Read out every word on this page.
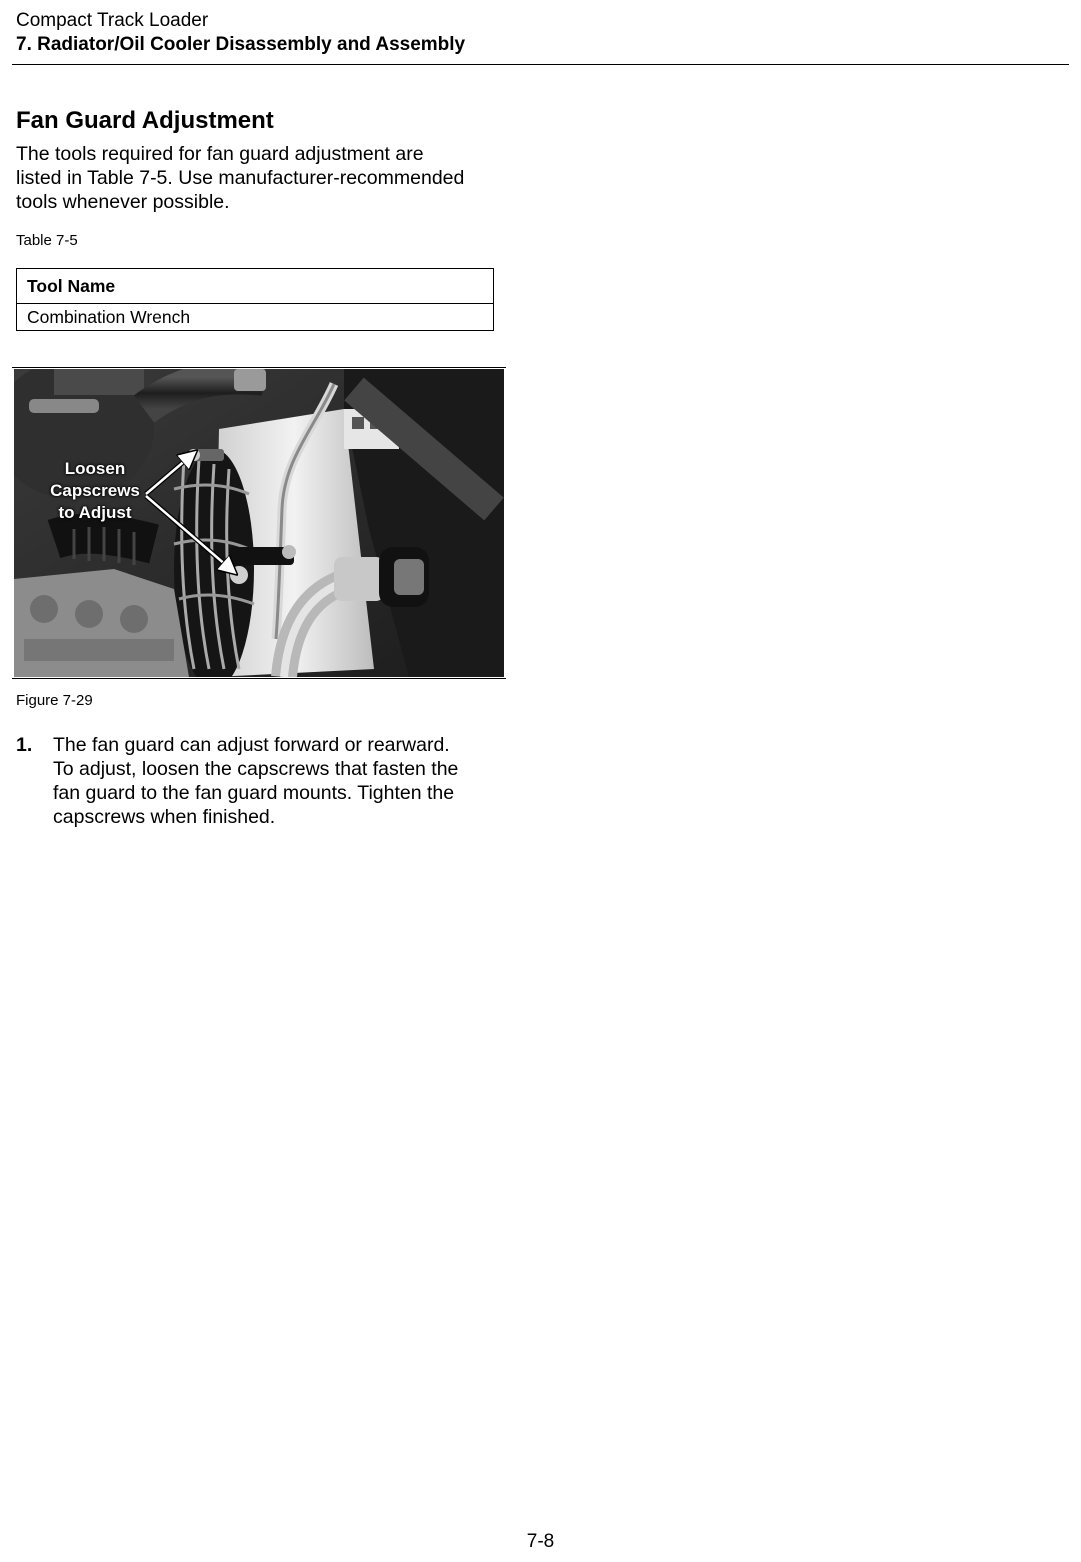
Compact Track Loader
7. Radiator/Oil Cooler Disassembly and Assembly
Fan Guard Adjustment
The tools required for fan guard adjustment are
listed in Table 7-5. Use manufacturer-recommended
tools whenever possible.
Table 7-5
Tool Name
Combination Wrench
Loosen
Capscrews
to Adjust
Figure 7-29
1. The fan guard can adjust forward or rearward.
To adjust, loosen the capscrews that fasten the
fan guard to the fan guard mounts. Tighten the
capscrews when finished.
7-8
